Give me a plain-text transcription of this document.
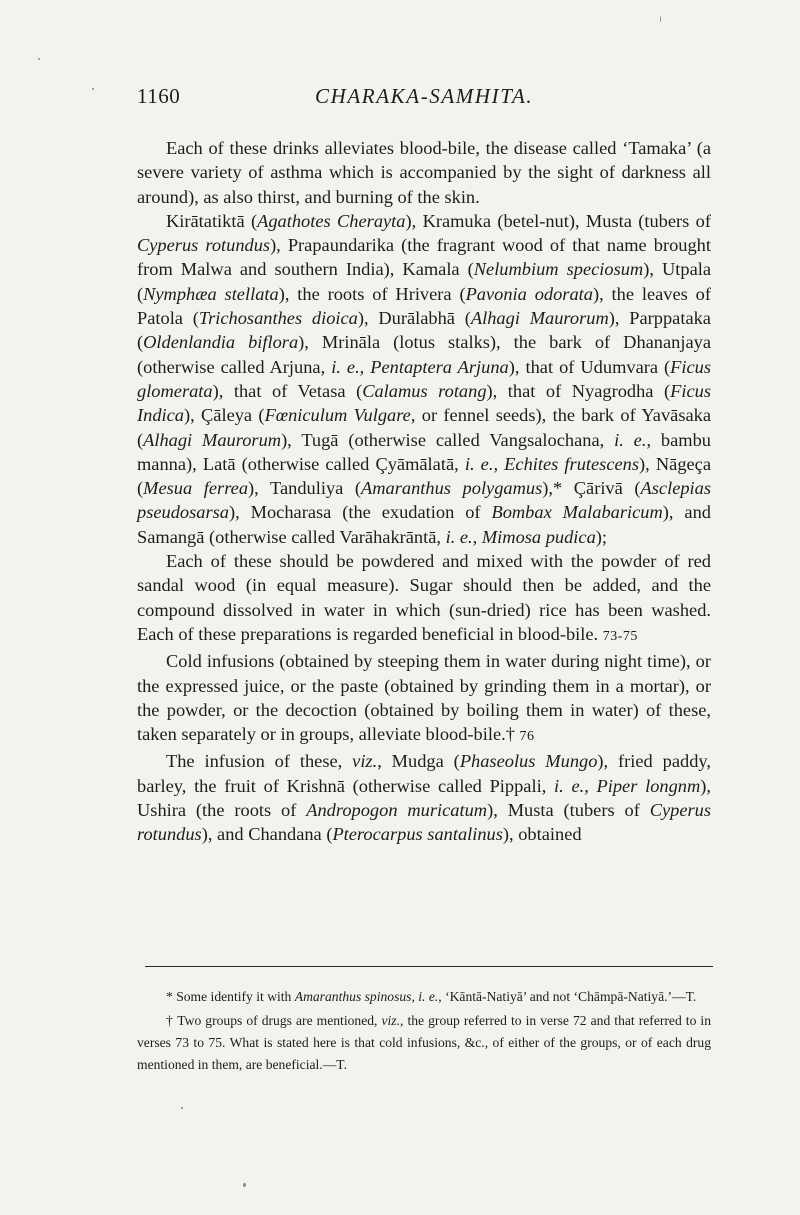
1160	CHARAKA-SAMHITA.

Each of these drinks alleviates blood-bile, the disease called ‘Tamaka’ (a severe variety of asthma which is accompanied by the sight of darkness all around), as also thirst, and burning of the skin.

Kirātatiktā (Agathotes Cherayta), Kramuka (betel-nut), Musta (tubers of Cyperus rotundus), Prapaundarika (the fragrant wood of that name brought from Malwa and southern India), Kamala (Nelumbium speciosum), Utpala (Nymphæa stellata), the roots of Hrivera (Pavonia odorata), the leaves of Patola (Trichosanthes dioica), Durālabhā (Alhagi Maurorum), Parppataka (Oldenlandia biflora), Mrināla (lotus stalks), the bark of Dhananjaya (otherwise called Arjuna, i. e., Pentaptera Arjuna), that of Udumvara (Ficus glomerata), that of Vetasa (Calamus rotang), that of Nyagrodha (Ficus Indica), Çāleya (Fœniculum Vulgare, or fennel seeds), the bark of Yavāsaka (Alhagi Maurorum), Tugā (otherwise called Vangsalochana, i. e., bambu manna), Latā (otherwise called Çyāmālatā, i. e., Echites frutescens), Nāgeça (Mesua ferrea), Tanduliya (Amaranthus polygamus),* Çārivā (Asclepias pseudosarsa), Mocharasa (the exudation of Bombax Malabaricum), and Samangā (otherwise called Varāhakrāntā, i. e., Mimosa pudica);

Each of these should be powdered and mixed with the powder of red sandal wood (in equal measure). Sugar should then be added, and the compound dissolved in water in which (sun-dried) rice has been washed. Each of these preparations is regarded beneficial in blood-bile. 73-75

Cold infusions (obtained by steeping them in water during night time), or the expressed juice, or the paste (obtained by grinding them in a mortar), or the powder, or the decoction (obtained by boiling them in water) of these, taken separately or in groups, alleviate blood-bile.† 76

The infusion of these, viz., Mudga (Phaseolus Mungo), fried paddy, barley, the fruit of Krishnā (otherwise called Pippali, i. e., Piper longnm), Ushira (the roots of Andropogon muricatum), Musta (tubers of Cyperus rotundus), and Chandana (Pterocarpus santalinus), obtained

* Some identify it with Amaranthus spinosus, i. e., ‘Kāntā-Natiyā’ and not ‘Chāmpā-Natiyā.’—T.

† Two groups of drugs are mentioned, viz., the group referred to in verse 72 and that referred to in verses 73 to 75. What is stated here is that cold infusions, &c., of either of the groups, or of each drug mentioned in them, are beneficial.—T.
